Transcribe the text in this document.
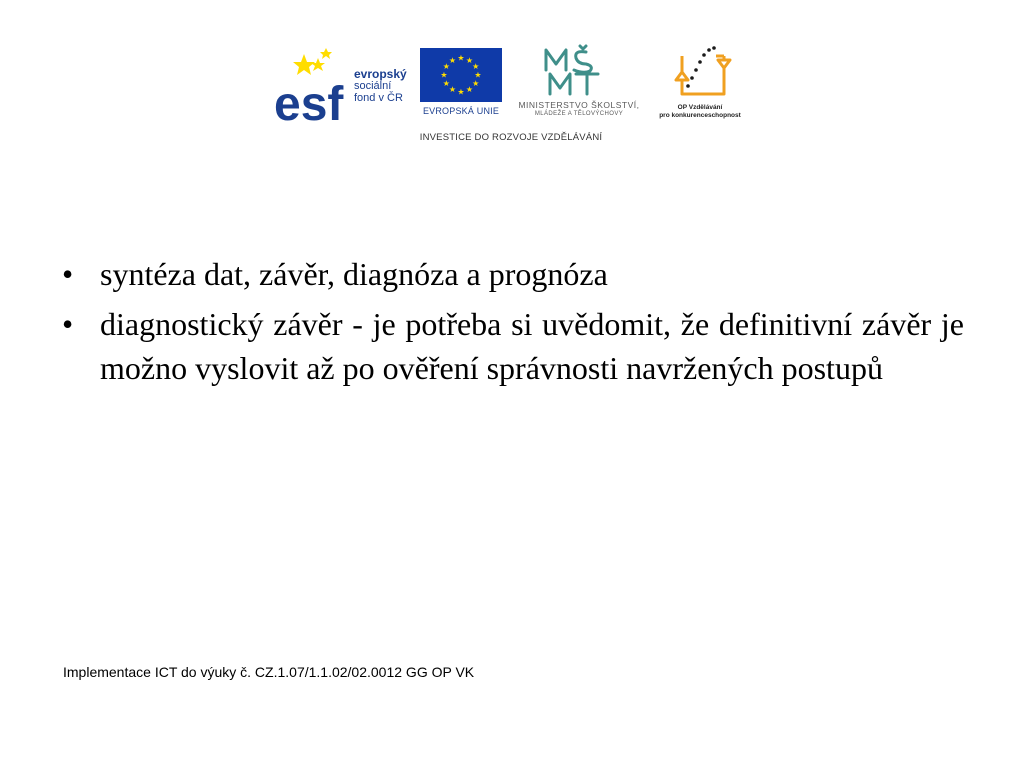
esf
evropský
sociální
fond v ČR
★ ★
★
★
★
★
★
★
★
★
★
★
EVROPSKÁ UNIE
MINISTERSTVO ŠKOLSTVÍ,
MLÁDEŽE A TĚLOVÝCHOVY
OP Vzdělávání
pro konkurenceschopnost
INVESTICE DO ROZVOJE VZDĚLÁVÁNÍ
• syntéza dat, závěr, diagnóza a prognóza
• diagnostický závěr - je potřeba si uvědomit, že definitivní závěr je možno vyslovit až po ověření správnosti navržených postupů
Implementace ICT do výuky č. CZ.1.07/1.1.02/02.0012 GG OP VK
